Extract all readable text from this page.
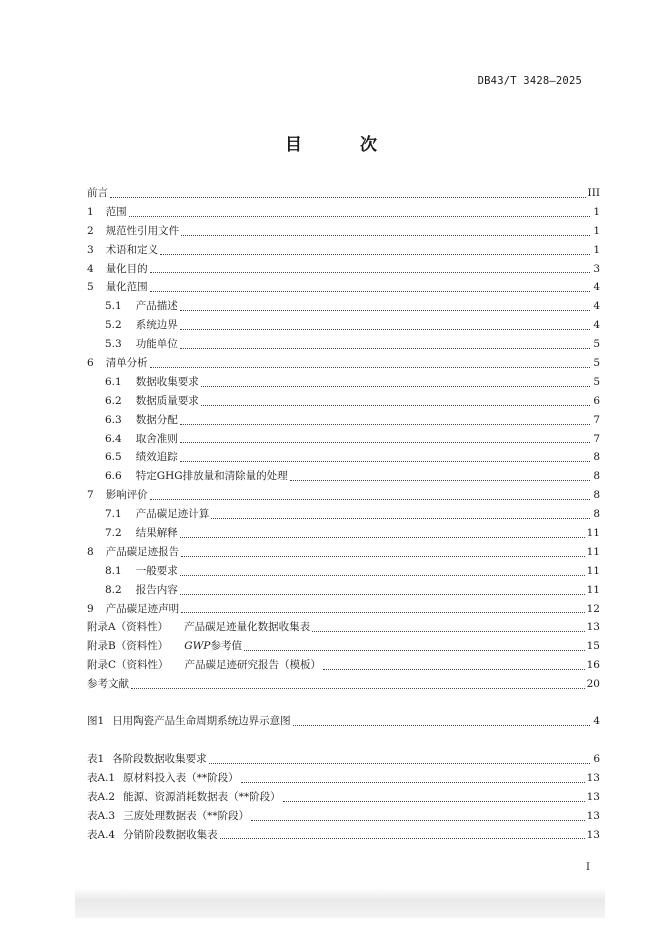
DB43/T 3428—2025
目 次
前言	III
1 范围	1
2 规范性引用文件	1
3 术语和定义	1
4 量化目的	3
5 量化范围	4
5.1 产品描述	4
5.2 系统边界	4
5.3 功能单位	5
6 清单分析	5
6.1 数据收集要求	5
6.2 数据质量要求	6
6.3 数据分配	7
6.4 取舍准则	7
6.5 绩效追踪	8
6.6 特定GHG排放量和清除量的处理	8
7 影响评价	8
7.1 产品碳足迹计算	8
7.2 结果解释	11
8 产品碳足迹报告	11
8.1 一般要求	11
8.2 报告内容	11
9 产品碳足迹声明	12
附录A（资料性） 产品碳足迹量化数据收集表	13
附录B（资料性） GWP参考值	15
附录C（资料性） 产品碳足迹研究报告（模板）	16
参考文献	20
图1 日用陶瓷产品生命周期系统边界示意图	4
表1 各阶段数据收集要求	6
表A.1 原材料投入表（**阶段）	13
表A.2 能源、资源消耗数据表（**阶段）	13
表A.3 三废处理数据表（**阶段）	13
表A.4 分销阶段数据收集表	13
I
